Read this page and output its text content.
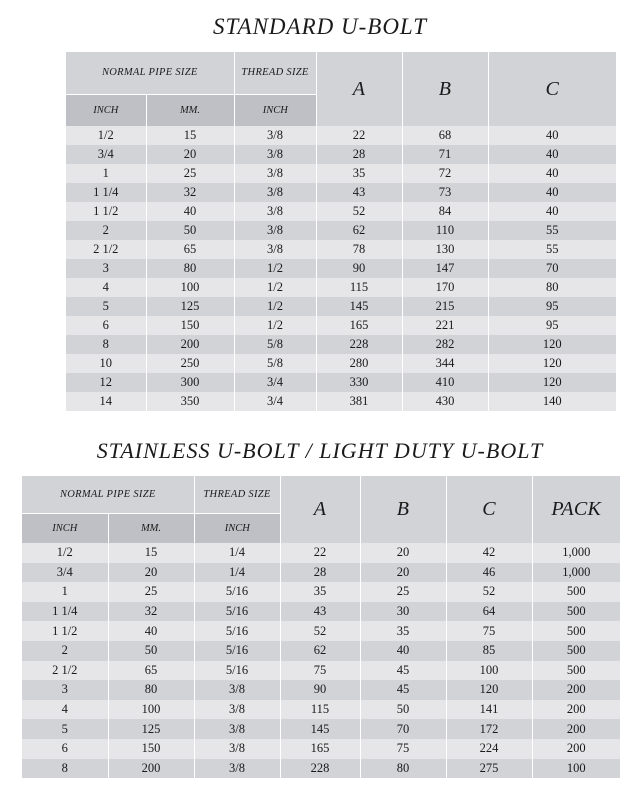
STANDARD U-BOLT
NORMAL PIPE SIZE		THREAD SIZE	A	B	C
INCH	MM.	INCH			
1/2	15	3/8	22	68	40
3/4	20	3/8	28	71	40
1	25	3/8	35	72	40
1 1/4	32	3/8	43	73	40
1 1/2	40	3/8	52	84	40
2	50	3/8	62	110	55
2 1/2	65	3/8	78	130	55
3	80	1/2	90	147	70
4	100	1/2	115	170	80
5	125	1/2	145	215	95
6	150	1/2	165	221	95
8	200	5/8	228	282	120
10	250	5/8	280	344	120
12	300	3/4	330	410	120
14	350	3/4	381	430	140
STAINLESS U-BOLT / LIGHT DUTY U-BOLT
NORMAL PIPE SIZE		THREAD SIZE	A	B	C	PACK
INCH	MM.	INCH				
1/2	15	1/4	22	20	42	1,000
3/4	20	1/4	28	20	46	1,000
1	25	5/16	35	25	52	500
1 1/4	32	5/16	43	30	64	500
1 1/2	40	5/16	52	35	75	500
2	50	5/16	62	40	85	500
2 1/2	65	5/16	75	45	100	500
3	80	3/8	90	45	120	200
4	100	3/8	115	50	141	200
5	125	3/8	145	70	172	200
6	150	3/8	165	75	224	200
8	200	3/8	228	80	275	100
